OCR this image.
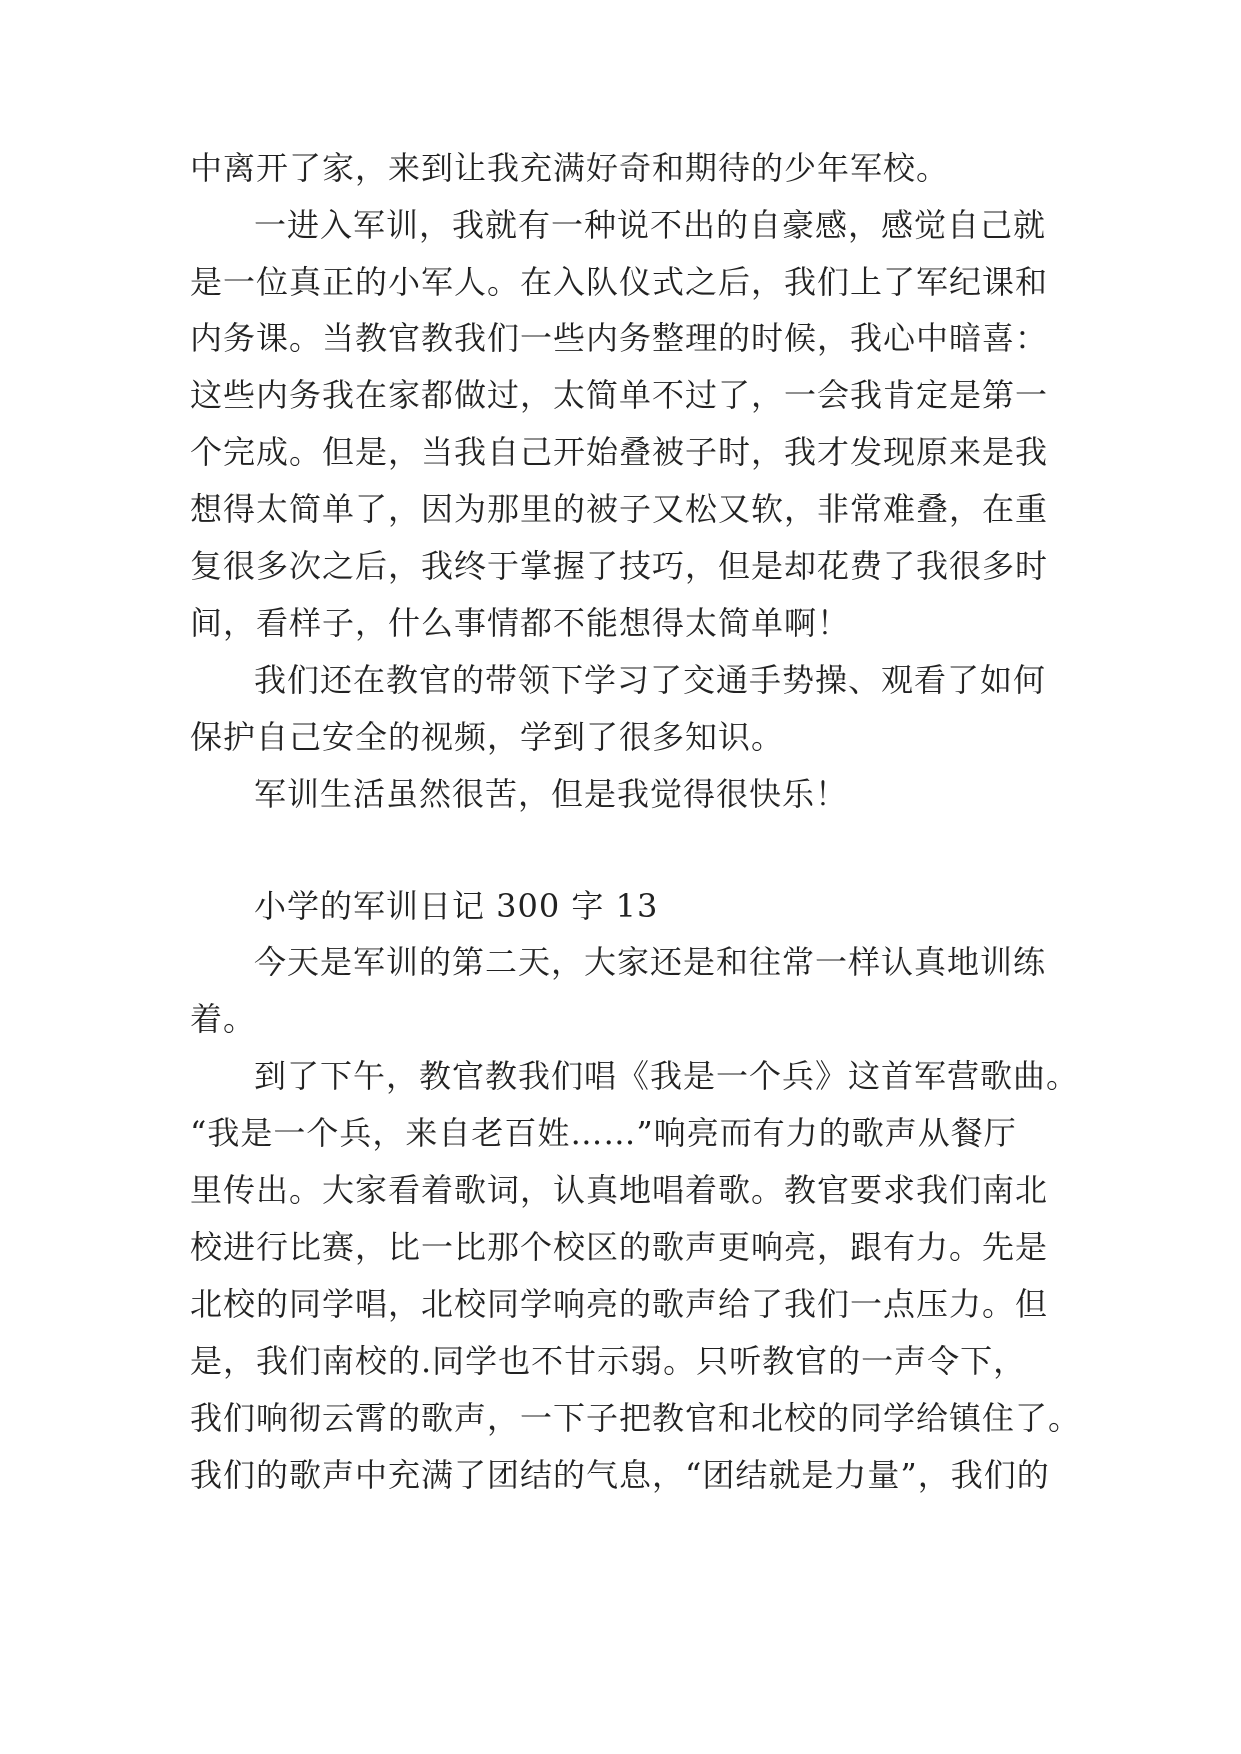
中离开了家，来到让我充满好奇和期待的少年军校。
一进入军训，我就有一种说不出的自豪感，感觉自己就
是一位真正的小军人。在入队仪式之后，我们上了军纪课和
内务课。当教官教我们一些内务整理的时候，我心中暗喜：
这些内务我在家都做过，太简单不过了，一会我肯定是第一
个完成。但是，当我自己开始叠被子时，我才发现原来是我
想得太简单了，因为那里的被子又松又软，非常难叠，在重
复很多次之后，我终于掌握了技巧，但是却花费了我很多时
间，看样子，什么事情都不能想得太简单啊！
我们还在教官的带领下学习了交通手势操、观看了如何
保护自己安全的视频，学到了很多知识。
军训生活虽然很苦，但是我觉得很快乐！
小学的军训日记 300 字 13
今天是军训的第二天，大家还是和往常一样认真地训练
着。
到了下午，教官教我们唱《我是一个兵》这首军营歌曲。
“我是一个兵，来自老百姓……”响亮而有力的歌声从餐厅
里传出。大家看着歌词，认真地唱着歌。教官要求我们南北
校进行比赛，比一比那个校区的歌声更响亮，跟有力。先是
北校的同学唱，北校同学响亮的歌声给了我们一点压力。但
是，我们南校的.同学也不甘示弱。只听教官的一声令下，
我们响彻云霄的歌声，一下子把教官和北校的同学给镇住了。
我们的歌声中充满了团结的气息，“团结就是力量”，我们的
